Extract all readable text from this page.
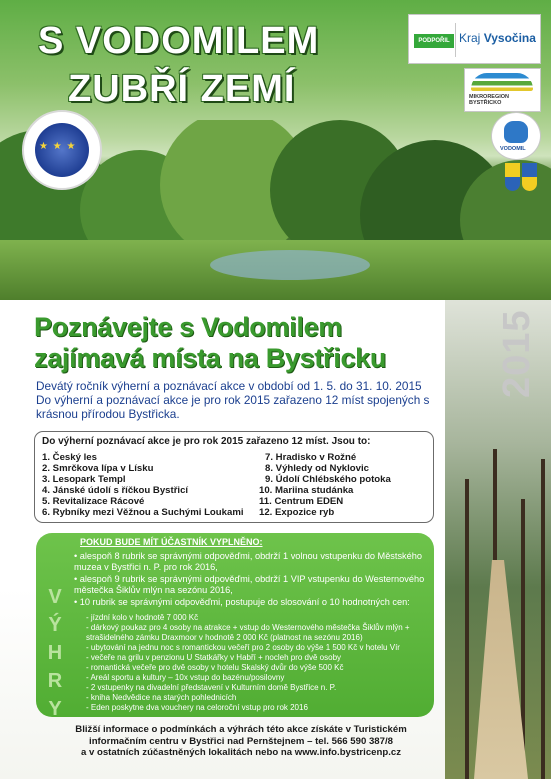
S VODOMILEM
ZUBŘÍ ZEMÍ
★ ★ ★
PODPOŘIL Kraj Vysočina
MIKROREGION BYSTŘICKO
VODOMIL
2015
Poznávejte s Vodomilem
zajímavá místa na Bystřicku
Devátý ročník výherní a poznávací akce v období od 1. 5. do 31. 10. 2015
Do výherní a poznávací akce je pro rok 2015 zařazeno 12 míst spojených s krásnou přírodou Bystřicka.
Do výherní poznávací akce je pro rok 2015 zařazeno 12 míst. Jsou to:
1. Český les
2. Smrčkova lípa v Lísku
3. Lesopark Templ
4. Jánské údolí s říčkou Bystřicí
5. Revitalizace Rácové
6. Rybníky mezi Věžnou a Suchými Loukami
7. Hradisko v Rožné
8. Výhledy od Nyklovic
9. Údolí Chlébského potoka
10. Mariina studánka
11. Centrum EDEN
12. Expozice ryb
V
Ý
H
R
Y
POKUD BUDE MÍT ÚČASTNÍK VYPLNĚNO:
• alespoň 8 rubrik se správnými odpověďmi, obdrží 1 volnou vstupenku do Městského muzea v Bystřici n. P. pro rok 2016,
• alespoň 9 rubrik se správnými odpověďmi, obdrží 1 VIP vstupenku do Westernového městečka Šiklův mlýn na sezónu 2016,
• 10 rubrik se správnými odpověďmi, postupuje do slosování o 10 hodnotných cen:
- jízdní kolo v hodnotě 7 000 Kč
- dárkový poukaz pro 4 osoby na atrakce + vstup do Westernového městečka Šiklův mlýn + strašidelného zámku Draxmoor v hodnotě 2 000 Kč (platnost na sezónu 2016)
- ubytování na jednu noc s romantickou večeří pro 2 osoby do výše 1 500 Kč v hotelu Vír
- večeře na grilu v penzionu U Statkářky v Habří + nocleh pro dvě osoby
- romantická večeře pro dvě osoby v hotelu Skalský dvůr do výše 500 Kč
- Areál sportu a kultury – 10x vstup do bazénu/posilovny
- 2 vstupenky na divadelní představení v Kulturním domě Bystřice n. P.
- kniha Nedvědice na starých pohlednicích
- Eden poskytne dva vouchery na celoroční vstup pro rok 2016
Bližší informace o podmínkách a výhrách této akce získáte v Turistickém
informačním centru v Bystřici nad Pernštejnem – tel. 566 590 387/8
a v ostatních zúčastněných lokalitách nebo na www.info.bystricenp.cz
